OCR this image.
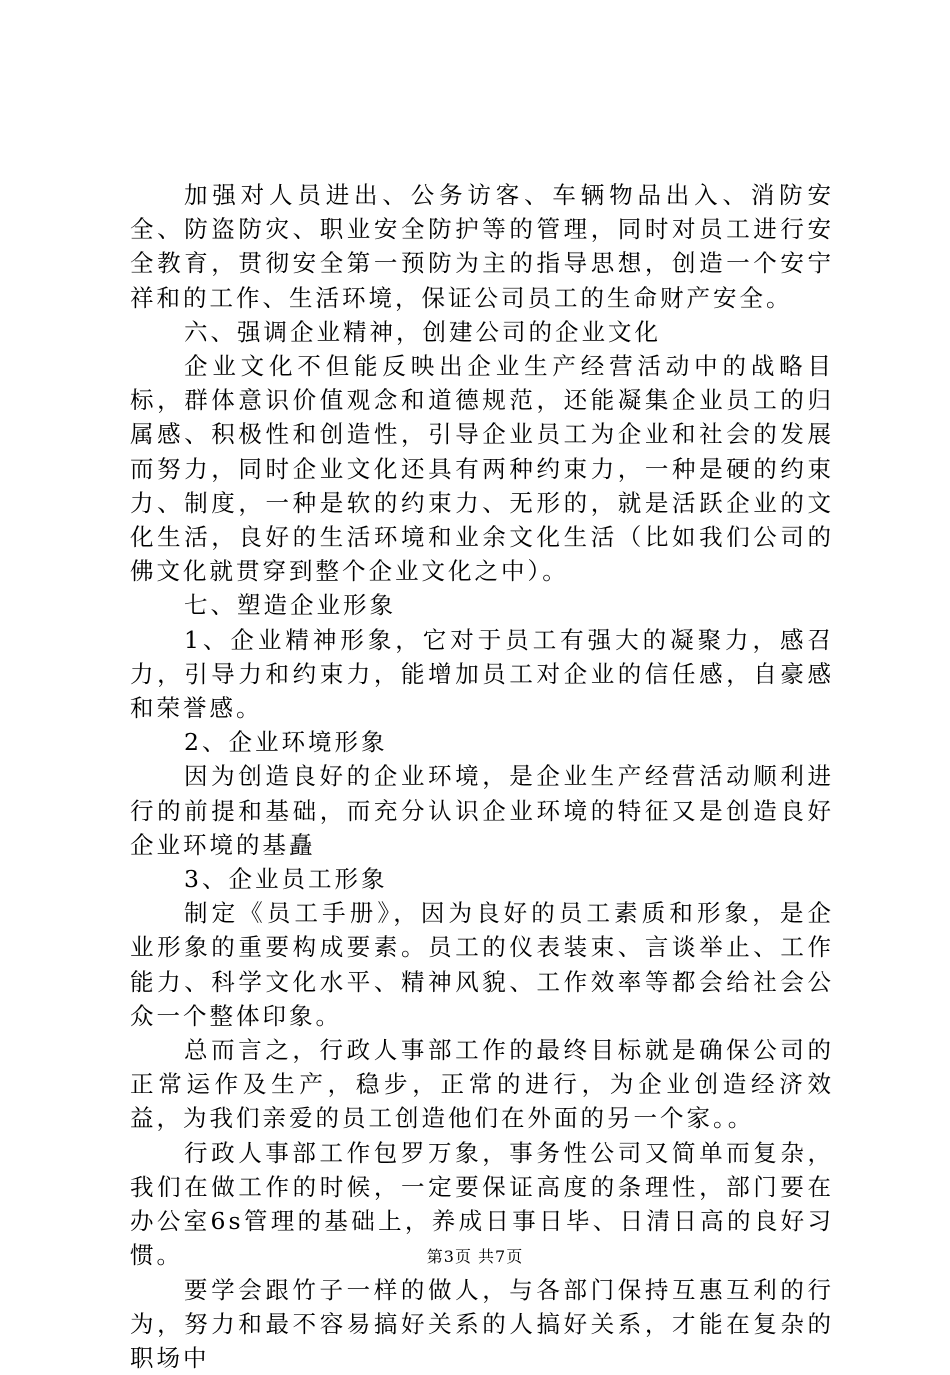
加强对人员进出、公务访客、车辆物品出入、消防安全、防盗防灾、职业安全防护等的管理，同时对员工进行安全教育，贯彻安全第一预防为主的指导思想，创造一个安宁祥和的工作、生活环境，保证公司员工的生命财产安全。

六、强调企业精神，创建公司的企业文化

企业文化不但能反映出企业生产经营活动中的战略目标，群体意识价值观念和道德规范，还能凝集企业员工的归属感、积极性和创造性，引导企业员工为企业和社会的发展而努力，同时企业文化还具有两种约束力，一种是硬的约束力、制度，一种是软的约束力、无形的，就是活跃企业的文化生活，良好的生活环境和业余文化生活（比如我们公司的佛文化就贯穿到整个企业文化之中）。

七、塑造企业形象

1、企业精神形象，它对于员工有强大的凝聚力，感召力，引导力和约束力，能增加员工对企业的信任感，自豪感和荣誉感。

2、企业环境形象

因为创造良好的企业环境，是企业生产经营活动顺利进行的前提和基础，而充分认识企业环境的特征又是创造良好企业环境的基矗

3、企业员工形象

制定《员工手册》，因为良好的员工素质和形象，是企业形象的重要构成要素。员工的仪表装束、言谈举止、工作能力、科学文化水平、精神风貌、工作效率等都会给社会公众一个整体印象。

总而言之，行政人事部工作的最终目标就是确保公司的正常运作及生产，稳步，正常的进行，为企业创造经济效益，为我们亲爱的员工创造他们在外面的另一个家。。

行政人事部工作包罗万象，事务性公司又简单而复杂，我们在做工作的时候，一定要保证高度的条理性，部门要在办公室6s管理的基础上，养成日事日毕、日清日高的良好习惯。

要学会跟竹子一样的做人，与各部门保持互惠互利的行为，努力和最不容易搞好关系的人搞好关系，才能在复杂的职场中

第3页 共7页
